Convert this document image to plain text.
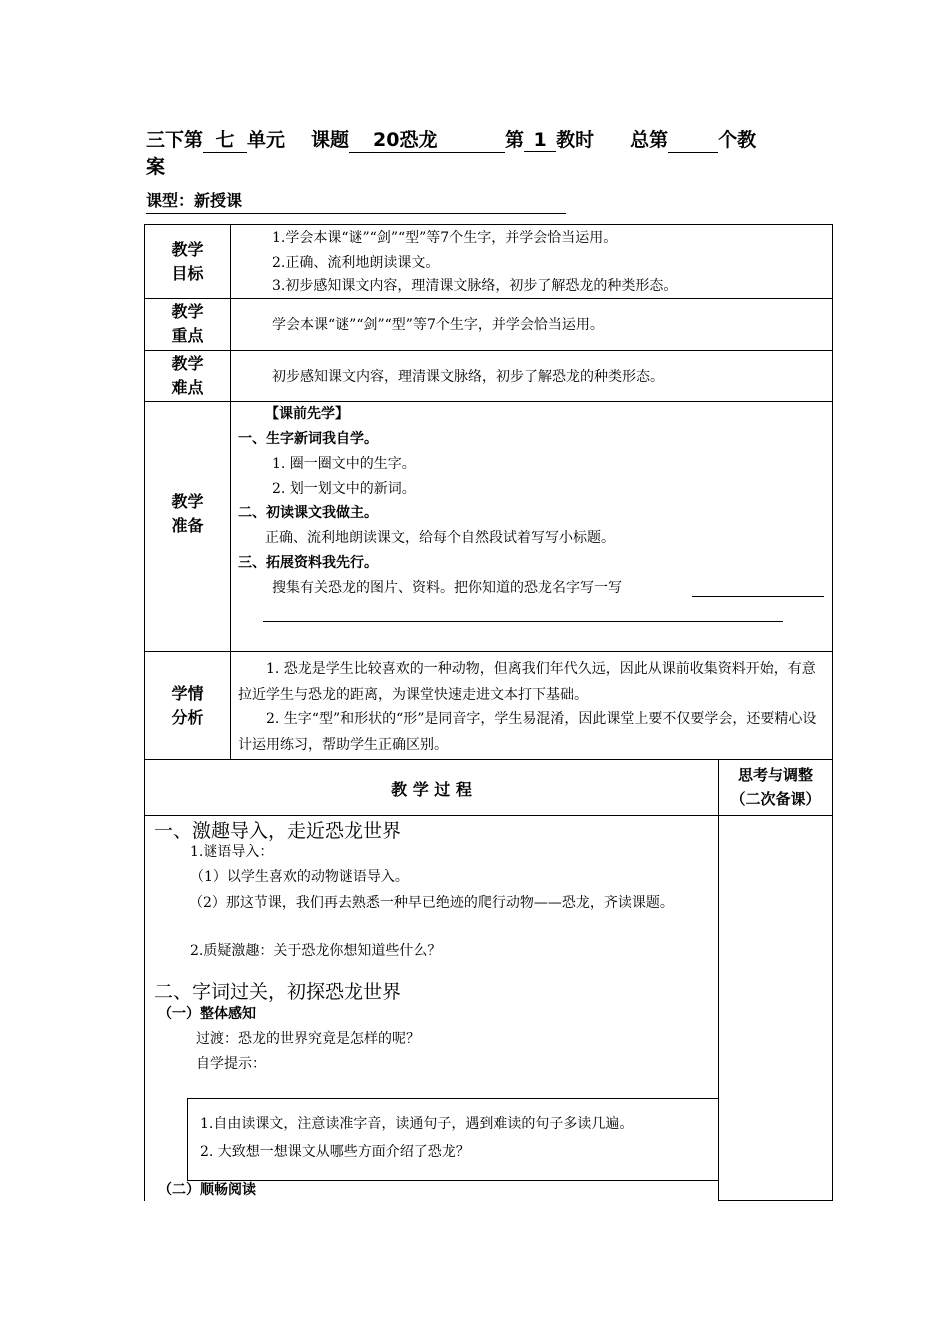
三下第 七 单元 课题 20恐龙	第 1 教时 总第	个教
案
课型：新授课
教学
目标
教学
重点
教学
难点
教学
准备
学情
分析
1.学会本课“谜”“剑”“型”等7个生字，并学会恰当运用。
2.正确、流利地朗读课文。
3.初步感知课文内容，理清课文脉络，初步了解恐龙的种类形态。
学会本课“谜”“剑”“型”等7个生字，并学会恰当运用。
初步感知课文内容，理清课文脉络，初步了解恐龙的种类形态。
【课前先学】
一、生字新词我自学。
1. 圈一圈文中的生字。
2. 划一划文中的新词。
二、初读课文我做主。
正确、流利地朗读课文，给每个自然段试着写写小标题。
三、拓展资料我先行。
搜集有关恐龙的图片、资料。把你知道的恐龙名字写一写
1. 恐龙是学生比较喜欢的一种动物，但离我们年代久远，因此从课前收集资料开始，有意拉近学生与恐龙的距离，为课堂快速走进文本打下基础。
2. 生字“型”和形状的“形”是同音字，学生易混淆，因此课堂上要不仅要学会，还要精心设计运用练习，帮助学生正确区别。
教 学 过 程
思考与调整
（二次备课）
一、激趣导入，走近恐龙世界
1.谜语导入：
（1）以学生喜欢的动物谜语导入。
（2）那这节课，我们再去熟悉一种早已绝迹的爬行动物——恐龙，齐读课题。
2.质疑激趣：关于恐龙你想知道些什么？
二、字词过关，初探恐龙世界
（一）整体感知
过渡：恐龙的世界究竟是怎样的呢？
自学提示：
1.自由读课文，注意读准字音，读通句子，遇到难读的句子多读几遍。
2. 大致想一想课文从哪些方面介绍了恐龙？
（二）顺畅阅读
